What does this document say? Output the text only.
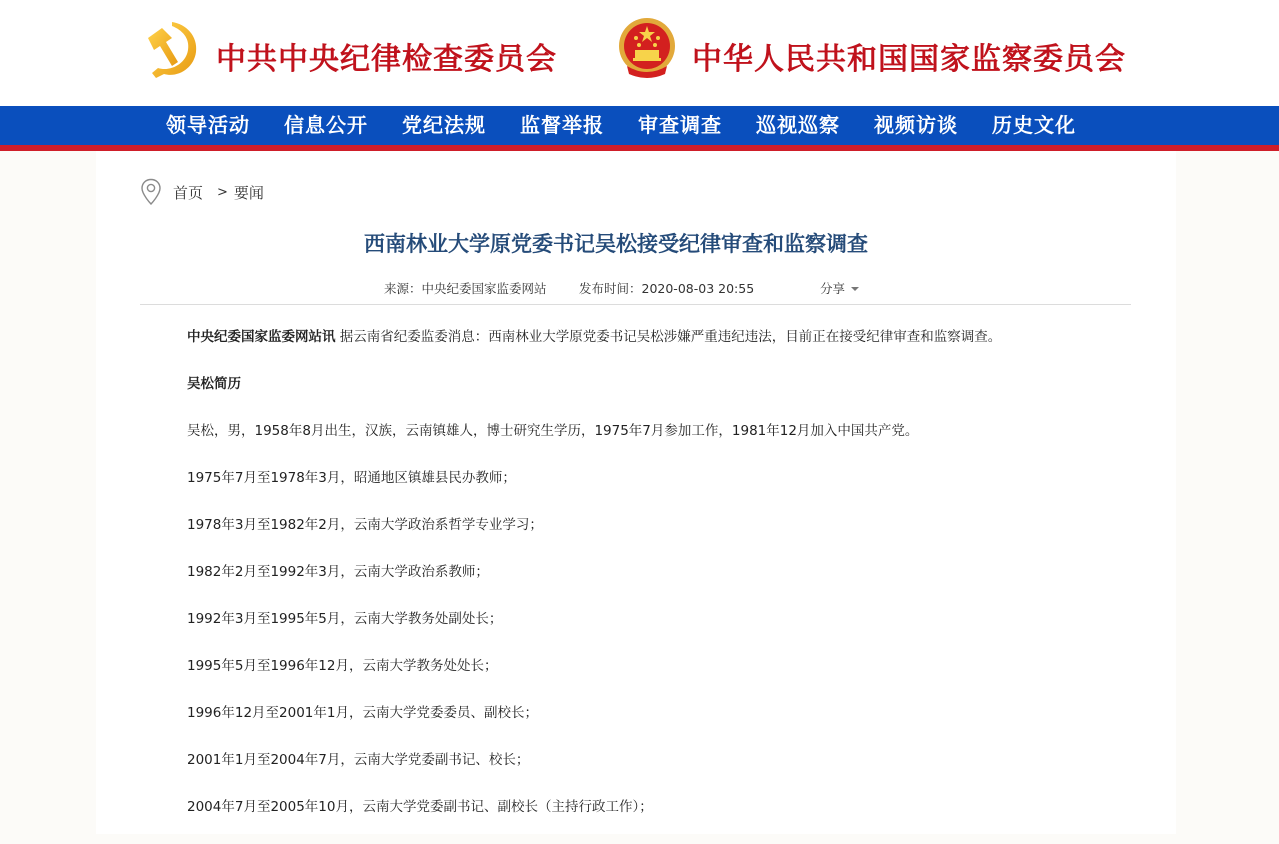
中共中央纪律检查委员会	中华人民共和国国家监察委员会
领导活动 信息公开 党纪法规 监督举报 审查调查 巡视巡察 视频访谈 历史文化
首页 > 要闻
西南林业大学原党委书记吴松接受纪律审查和监察调查
来源：中央纪委国家监委网站	发布时间：2020-08-03 20:55	分享

中央纪委国家监委网站讯 据云南省纪委监委消息：西南林业大学原党委书记吴松涉嫌严重违纪违法，目前正在接受纪律审查和监察调查。

吴松简历

吴松，男，1958年8月出生，汉族，云南镇雄人，博士研究生学历，1975年7月参加工作，1981年12月加入中国共产党。

1975年7月至1978年3月，昭通地区镇雄县民办教师；

1978年3月至1982年2月，云南大学政治系哲学专业学习；

1982年2月至1992年3月，云南大学政治系教师；

1992年3月至1995年5月，云南大学教务处副处长；

1995年5月至1996年12月，云南大学教务处处长；

1996年12月至2001年1月，云南大学党委委员、副校长；

2001年1月至2004年7月，云南大学党委副书记、校长；

2004年7月至2005年10月，云南大学党委副书记、副校长（主持行政工作）；
